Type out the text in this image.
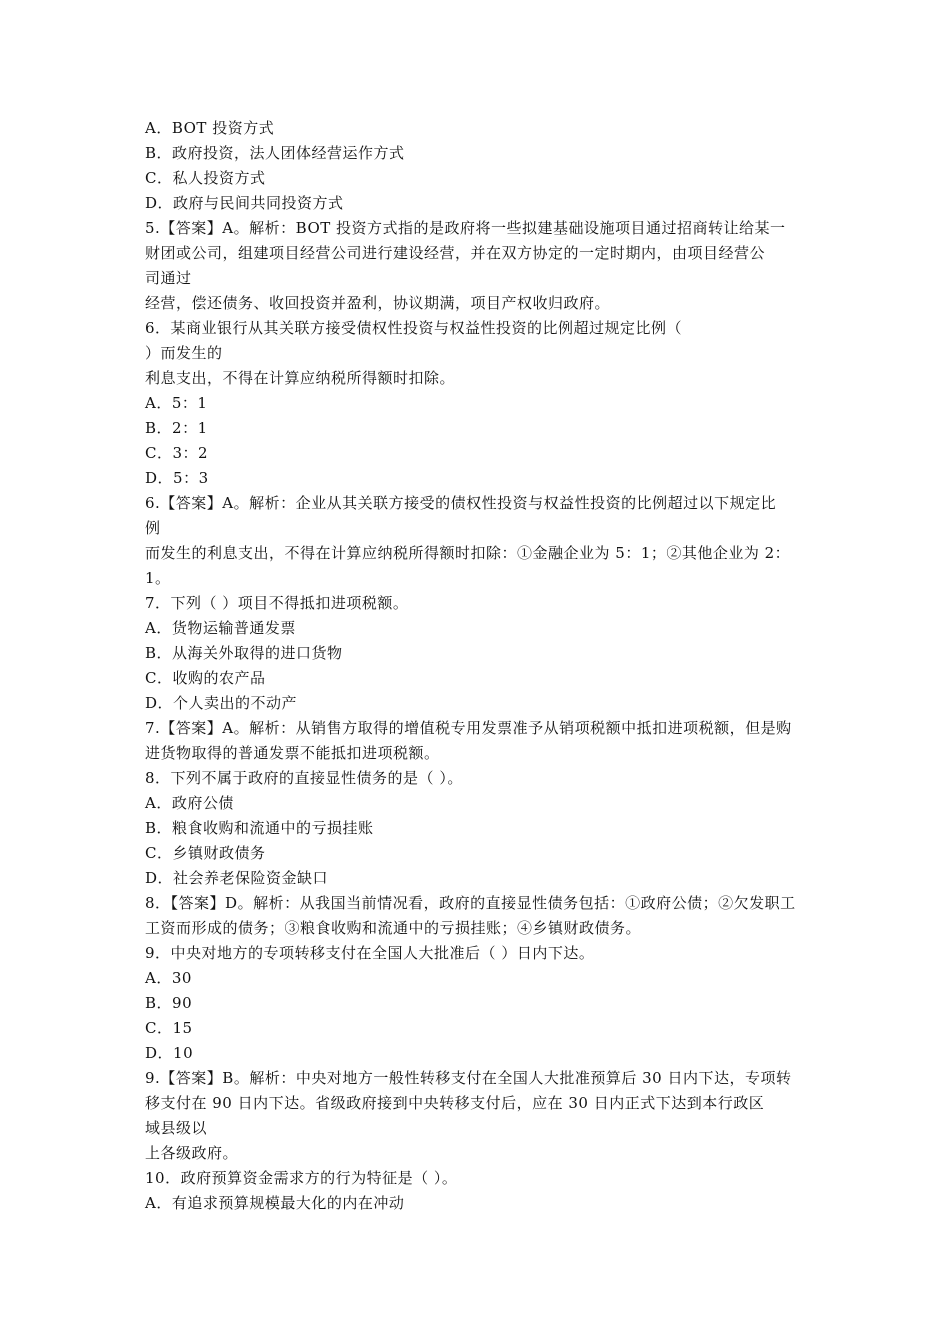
A．BOT 投资方式
B．政府投资，法人团体经营运作方式
C．私人投资方式
D．政府与民间共同投资方式
5.【答案】A。解析：BOT 投资方式指的是政府将一些拟建基础设施项目通过招商转让给某一
财团或公司，组建项目经营公司进行建设经营，并在双方协定的一定时期内，由项目经营公
司通过
经营，偿还债务、收回投资并盈利，协议期满，项目产权收归政府。
6．某商业银行从其关联方接受债权性投资与权益性投资的比例超过规定比例（
）而发生的
利息支出，不得在计算应纳税所得额时扣除。
A．5：1
B．2：1
C．3：2
D．5：3
6.【答案】A。解析：企业从其关联方接受的债权性投资与权益性投资的比例超过以下规定比
例
而发生的利息支出，不得在计算应纳税所得额时扣除：①金融企业为 5：1；②其他企业为 2：
1。
7．下列（ ）项目不得抵扣进项税额。
A．货物运输普通发票
B．从海关外取得的进口货物
C．收购的农产品
D．个人卖出的不动产
7.【答案】A。解析：从销售方取得的增值税专用发票准予从销项税额中抵扣进项税额，但是购
进货物取得的普通发票不能抵扣进项税额。
8．下列不属于政府的直接显性债务的是（ ）。
A．政府公债
B．粮食收购和流通中的亏损挂账
C．乡镇财政债务
D．社会养老保险资金缺口
8．【答案】D。解析：从我国当前情况看，政府的直接显性债务包括：①政府公债；②欠发职工
工资而形成的债务；③粮食收购和流通中的亏损挂账；④乡镇财政债务。
9．中央对地方的专项转移支付在全国人大批准后（ ）日内下达。
A．30
B．90
C．15
D．10
9.【答案】B。解析：中央对地方一般性转移支付在全国人大批准预算后 30 日内下达，专项转
移支付在 90 日内下达。省级政府接到中央转移支付后，应在 30 日内正式下达到本行政区
域县级以
上各级政府。
10．政府预算资金需求方的行为特征是（ ）。
A．有追求预算规模最大化的内在冲动
